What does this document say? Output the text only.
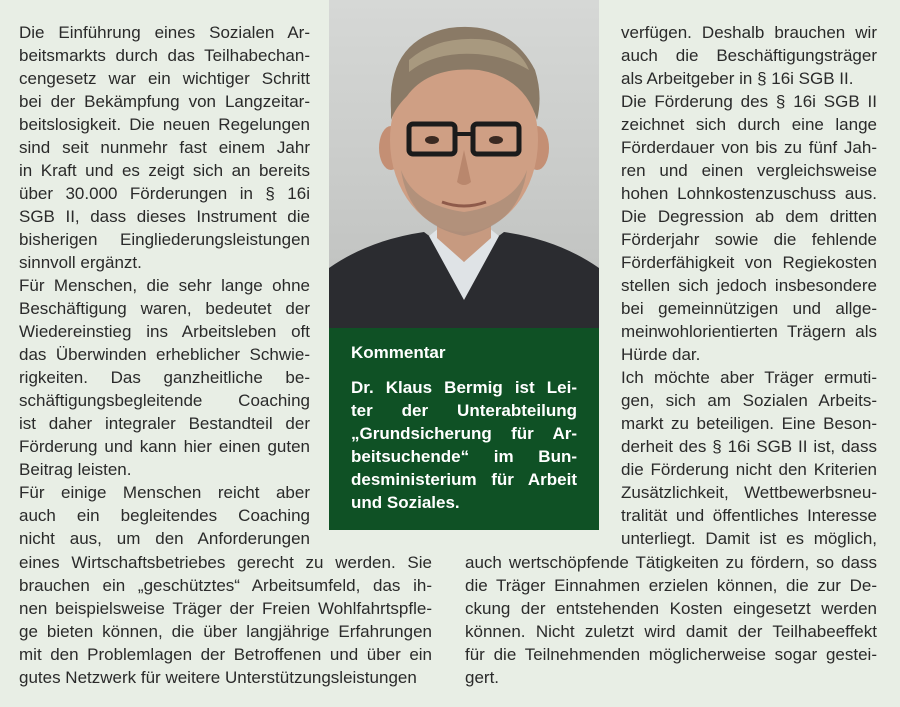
Die Einführung eines Sozialen Ar-
beitsmarkts durch das Teilhabechan-
cengesetz war ein wichtiger Schritt
bei der Bekämpfung von Langzeitar-
beitslosigkeit. Die neuen Regelungen
sind seit nunmehr fast einem Jahr
in Kraft und es zeigt sich an bereits
über 30.000 Förderungen in § 16i
SGB II, dass dieses Instrument die
bisherigen Eingliederungsleistungen
sinnvoll ergänzt.
Für Menschen, die sehr lange ohne
Beschäftigung waren, bedeutet der
Wiedereinstieg ins Arbeitsleben oft
das Überwinden erheblicher Schwie-
rigkeiten. Das ganzheitliche be-
schäftigungsbegleitende Coaching
ist daher integraler Bestandteil der
Förderung und kann hier einen guten
Beitrag leisten.
Für einige Menschen reicht aber
auch ein begleitendes Coaching
nicht aus, um den Anforderungen
verfügen. Deshalb brauchen wir
auch die Beschäftigungsträger
als Arbeitgeber in § 16i SGB II.
Die Förderung des § 16i SGB II
zeichnet sich durch eine lange
Förderdauer von bis zu fünf Jah-
ren und einen vergleichsweise
hohen Lohnkostenzuschuss aus.
Die Degression ab dem dritten
Förderjahr sowie die fehlende
Förderfähigkeit von Regiekosten
stellen sich jedoch insbesondere
bei gemeinnützigen und allge-
meinwohlorientierten Trägern als
Hürde dar.
Ich möchte aber Träger ermuti-
gen, sich am Sozialen Arbeits-
markt zu beteiligen. Eine Beson-
derheit des § 16i SGB II ist, dass
die Förderung nicht den Kriterien
Zusätzlichkeit, Wettbewerbsneu-
tralität und öffentliches Interesse
unterliegt. Damit ist es möglich,
eines Wirtschaftsbetriebes gerecht zu werden. Sie
brauchen ein „geschütztes“ Arbeitsumfeld, das ih-
nen beispielsweise Träger der Freien Wohlfahrtspfle-
ge bieten können, die über langjährige Erfahrungen
mit den Problemlagen der Betroffenen und über ein
gutes Netzwerk für weitere Unterstützungsleistungen
auch wertschöpfende Tätigkeiten zu fördern, so dass
die Träger Einnahmen erzielen können, die zur De-
ckung der entstehenden Kosten eingesetzt werden
können. Nicht zuletzt wird damit der Teilhabeeffekt
für die Teilnehmenden möglicherweise sogar gestei-
gert.
Kommentar
Dr. Klaus Bermig ist Lei-
ter der Unterabteilung
„Grundsicherung für Ar-
beitsuchende“ im Bun-
desministerium für Arbeit
und Soziales.
